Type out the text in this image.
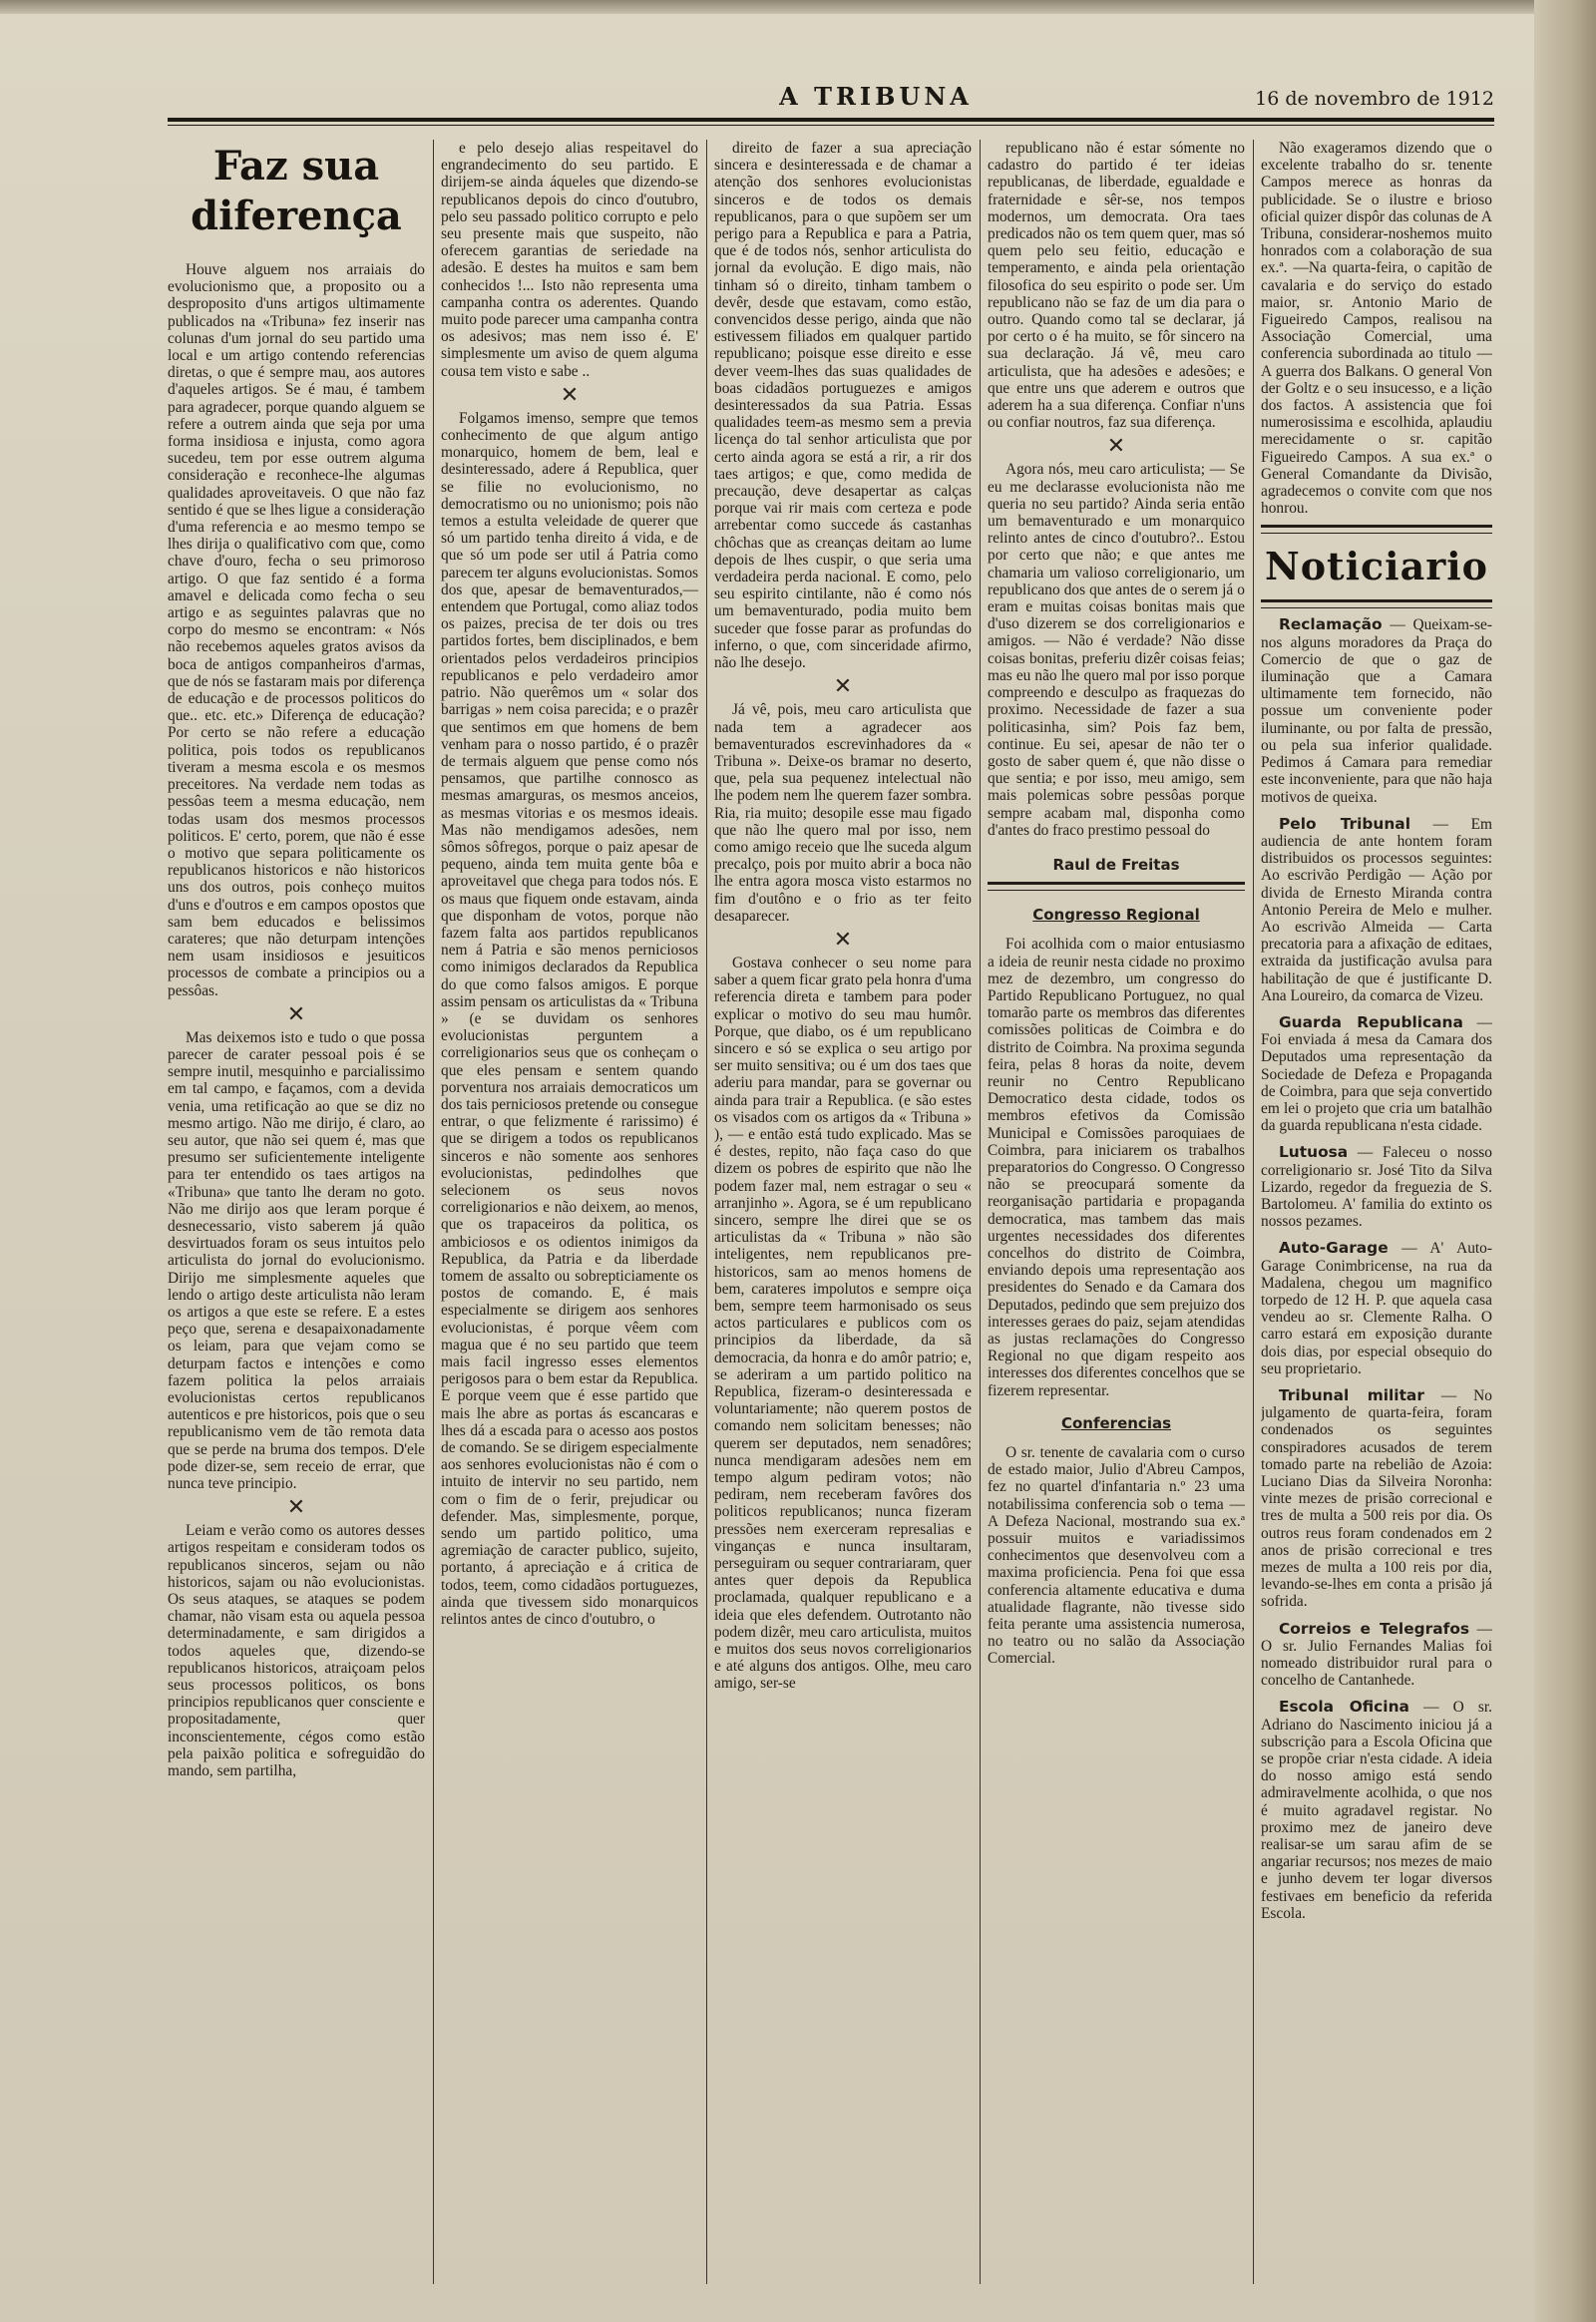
A TRIBUNA	16 de novembro de 1912
Faz sua diferença

Houve alguem nos arraiais do evolucionismo que, a proposito ou a desproposito d'uns artigos ultimamente publicados na «Tribuna» fez inserir nas colunas d'um jornal do seu partido uma local e um artigo contendo referencias diretas, o que é sempre mau, aos autores d'aqueles artigos. Se é mau, é tambem para agradecer, porque quando alguem se refere a outrem ainda que seja por uma forma insidiosa e injusta, como agora sucedeu, tem por esse outrem alguma consideração e reconhece-lhe algumas qualidades aproveitaveis. O que não faz sentido é que se lhes ligue a consideração d'uma referencia e ao mesmo tempo se lhes dirija o qualificativo com que, como chave d'ouro, fecha o seu primoroso artigo. O que faz sentido é a forma amavel e delicada como fecha o seu artigo e as seguintes palavras que no corpo do mesmo se encontram: « Nós não recebemos aqueles gratos avisos da boca de antigos companheiros d'armas, que de nós se fastaram mais por diferença de educação e de processos politicos do que.. etc. etc.» Diferença de educação? Por certo se não refere a educação politica, pois todos os republicanos tiveram a mesma escola e os mesmos preceitores. Na verdade nem todas as pessôas teem a mesma educação, nem todas usam dos mesmos processos politicos. E' certo, porem, que não é esse o motivo que separa politicamente os republicanos historicos e não historicos uns dos outros, pois conheço muitos d'uns e d'outros e em campos opostos que sam bem educados e belissimos carateres; que não deturpam intenções nem usam insidiosos e jesuiticos processos de combate a principios ou a pessôas.

✕

Mas deixemos isto e tudo o que possa parecer de carater pessoal pois é se sempre inutil, mesquinho e parcialissimo em tal campo, e façamos, com a devida venia, uma retificação ao que se diz no mesmo artigo. Não me dirijo, é claro, ao seu autor, que não sei quem é, mas que presumo ser suficientemente inteligente para ter entendido os taes artigos na «Tribuna» que tanto lhe deram no goto. Não me dirijo aos que leram porque é desnecessario, visto saberem já quão desvirtuados foram os seus intuitos pelo articulista do jornal do evolucionismo. Dirijo me simplesmente aqueles que lendo o artigo deste articulista não leram os artigos a que este se refere. E a estes peço que, serena e desapaixonadamente os leiam, para que vejam como se deturpam factos e intenções e como fazem politica la pelos arraiais evolucionistas certos republicanos autenticos e pre historicos, pois que o seu republicanismo vem de tão remota data que se perde na bruma dos tempos. D'ele pode dizer-se, sem receio de errar, que nunca teve principio.

✕

Leiam e verão como os autores desses artigos respeitam e consideram todos os republicanos sinceros, sejam ou não historicos, sajam ou não evolucionistas. Os seus ataques, se ataques se podem chamar, não visam esta ou aquela pessoa determinadamente, e sam dirigidos a todos aqueles que, dizendo-se republicanos historicos, atraiçoam pelos seus processos politicos, os bons principios republicanos quer consciente e propositadamente, quer inconscientemente, cégos como estão pela paixão politica e sofreguidão do mando, sem partilha,

e pelo desejo alias respeitavel do engrandecimento do seu partido. E dirijem-se ainda áqueles que dizendo-se republicanos depois do cinco d'outubro, pelo seu passado politico corrupto e pelo seu presente mais que suspeito, não oferecem garantias de seriedade na adesão. E destes ha muitos e sam bem conhecidos !... Isto não representa uma campanha contra os aderentes. Quando muito pode parecer uma campanha contra os adesivos; mas nem isso é. E' simplesmente um aviso de quem alguma cousa tem visto e sabe ..

✕

Folgamos imenso, sempre que temos conhecimento de que algum antigo monarquico, homem de bem, leal e desinteressado, adere á Republica, quer se filie no evolucionismo, no democratismo ou no unionismo; pois não temos a estulta veleidade de querer que só um partido tenha direito á vida, e de que só um pode ser util á Patria como parecem ter alguns evolucionistas. Somos dos que, apesar de bemaventurados,—entendem que Portugal, como aliaz todos os paizes, precisa de ter dois ou tres partidos fortes, bem disciplinados, e bem orientados pelos verdadeiros principios republicanos e pelo verdadeiro amor patrio. Não querêmos um « solar dos barrigas » nem coisa parecida; e o prazêr que sentimos em que homens de bem venham para o nosso partido, é o prazêr de termais alguem que pense como nós pensamos, que partilhe connosco as mesmas amarguras, os mesmos anceios, as mesmas vitorias e os mesmos ideais. Mas não mendigamos adesões, nem sômos sôfregos, porque o paiz apesar de pequeno, ainda tem muita gente bôa e aproveitavel que chega para todos nós. E os maus que fiquem onde estavam, ainda que disponham de votos, porque não fazem falta aos partidos republicanos nem á Patria e são menos perniciosos como inimigos declarados da Republica do que como falsos amigos. E porque assim pensam os articulistas da « Tribuna » (e se duvidam os senhores evolucionistas perguntem a correligionarios seus que os conheçam o que eles pensam e sentem quando porventura nos arraiais democraticos um dos tais perniciosos pretende ou consegue entrar, o que felizmente é rarissimo) é que se dirigem a todos os republicanos sinceros e não somente aos senhores evolucionistas, pedindolhes que selecionem os seus novos correligionarios e não deixem, ao menos, que os trapaceiros da politica, os ambiciosos e os odientos inimigos da Republica, da Patria e da liberdade tomem de assalto ou sobrepticiamente os postos de comando. E, é mais especialmente se dirigem aos senhores evolucionistas, é porque vêem com magua que é no seu partido que teem mais facil ingresso esses elementos perigosos para o bem estar da Republica. E porque veem que é esse partido que mais lhe abre as portas ás escancaras e lhes dá a escada para o acesso aos postos de comando. Se se dirigem especialmente aos senhores evolucionistas não é com o intuito de intervir no seu partido, nem com o fim de o ferir, prejudicar ou defender. Mas, simplesmente, porque, sendo um partido politico, uma agremiação de caracter publico, sujeito, portanto, á apreciação e á critica de todos, teem, como cidadãos portuguezes, ainda que tivessem sido monarquicos relintos antes de cinco d'outubro, o

direito de fazer a sua apreciação sincera e desinteressada e de chamar a atenção dos senhores evolucionistas sinceros e de todos os demais republicanos, para o que supõem ser um perigo para a Republica e para a Patria, que é de todos nós, senhor articulista do jornal da evolução. E digo mais, não tinham só o direito, tinham tambem o devêr, desde que estavam, como estão, convencidos desse perigo, ainda que não estivessem filiados em qualquer partido republicano; poisque esse direito e esse dever veem-lhes das suas qualidades de boas cidadãos portuguezes e amigos desinteressados da sua Patria. Essas qualidades teem-as mesmo sem a previa licença do tal senhor articulista que por certo ainda agora se está a rir, a rir dos taes artigos; e que, como medida de precaução, deve desapertar as calças porque vai rir mais com certeza e pode arrebentar como succede ás castanhas chôchas que as creanças deitam ao lume depois de lhes cuspir, o que seria uma verdadeira perda nacional. E como, pelo seu espirito cintilante, não é como nós um bemaventurado, podia muito bem suceder que fosse parar as profundas do inferno, o que, com sinceridade afirmo, não lhe desejo.

✕

Já vê, pois, meu caro articulista que nada tem a agradecer aos bemaventurados escrevinhadores da « Tribuna ». Deixe-os bramar no deserto, que, pela sua pequenez intelectual não lhe podem nem lhe querem fazer sombra. Ria, ria muito; desopile esse mau figado que não lhe quero mal por isso, nem como amigo receio que lhe suceda algum precalço, pois por muito abrir a boca não lhe entra agora mosca visto estarmos no fim d'outôno e o frio as ter feito desaparecer.

✕

Gostava conhecer o seu nome para saber a quem ficar grato pela honra d'uma referencia direta e tambem para poder explicar o motivo do seu mau humôr. Porque, que diabo, os é um republicano sincero e só se explica o seu artigo por ser muito sensitiva; ou é um dos taes que aderiu para mandar, para se governar ou ainda para trair a Republica. (e são estes os visados com os artigos da « Tribuna » ), — e então está tudo explicado. Mas se é destes, repito, não faça caso do que dizem os pobres de espirito que não lhe podem fazer mal, nem estragar o seu « arranjinho ». Agora, se é um republicano sincero, sempre lhe direi que se os articulistas da « Tribuna » não são inteligentes, nem republicanos pre-historicos, sam ao menos homens de bem, carateres impolutos e sempre oiça bem, sempre teem harmonisado os seus actos particulares e publicos com os principios da liberdade, da sã democracia, da honra e do amôr patrio; e, se aderiram a um partido politico na Republica, fizeram-o desinteressada e voluntariamente; não querem postos de comando nem solicitam benesses; não querem ser deputados, nem senadôres; nunca mendigaram adesões nem em tempo algum pediram votos; não pediram, nem receberam favôres dos politicos republicanos; nunca fizeram pressões nem exerceram represalias e vinganças e nunca insultaram, perseguiram ou sequer contrariaram, quer antes quer depois da Republica proclamada, qualquer republicano e a ideia que eles defendem. Outrotanto não podem dizêr, meu caro articulista, muitos e muitos dos seus novos correligionarios e até alguns dos antigos. Olhe, meu caro amigo, ser-se

republicano não é estar sómente no cadastro do partido é ter ideias republicanas, de liberdade, egualdade e fraternidade e sêr-se, nos tempos modernos, um democrata. Ora taes predicados não os tem quem quer, mas só quem pelo seu feitio, educação e temperamento, e ainda pela orientação filosofica do seu espirito o pode ser. Um republicano não se faz de um dia para o outro. Quando como tal se declarar, já por certo o é ha muito, se fôr sincero na sua declaração. Já vê, meu caro articulista, que ha adesões e adesões; e que entre uns que aderem e outros que aderem ha a sua diferença. Confiar n'uns ou confiar noutros, faz sua diferença.

✕

Agora nós, meu caro articulista; — Se eu me declarasse evolucionista não me queria no seu partido? Ainda seria então um bemaventurado e um monarquico relinto antes de cinco d'outubro?.. Estou por certo que não; e que antes me chamaria um valioso correligionario, um republicano dos que antes de o serem já o eram e muitas coisas bonitas mais que d'uso dizerem se dos correligionarios e amigos. — Não é verdade? Não disse coisas bonitas, preferiu dizêr coisas feias; mas eu não lhe quero mal por isso porque compreendo e desculpo as fraquezas do proximo. Necessidade de fazer a sua politicasinha, sim? Pois faz bem, continue. Eu sei, apesar de não ter o gosto de saber quem é, que não disse o que sentia; e por isso, meu amigo, sem mais polemicas sobre pessôas porque sempre acabam mal, disponha como d'antes do fraco prestimo pessoal do

Raul de Freitas
Congresso Regional

Foi acolhida com o maior entusiasmo a ideia de reunir nesta cidade no proximo mez de dezembro, um congresso do Partido Republicano Portuguez, no qual tomarão parte os membros das diferentes comissões politicas de Coimbra e do distrito de Coimbra. Na proxima segunda feira, pelas 8 horas da noite, devem reunir no Centro Republicano Democratico desta cidade, todos os membros efetivos da Comissão Municipal e Comissões paroquiaes de Coimbra, para iniciarem os trabalhos preparatorios do Congresso. O Congresso não se preocupará somente da reorganisação partidaria e propaganda democratica, mas tambem das mais urgentes necessidades dos diferentes concelhos do distrito de Coimbra, enviando depois uma representação aos presidentes do Senado e da Camara dos Deputados, pedindo que sem prejuizo dos interesses geraes do paiz, sejam atendidas as justas reclamações do Congresso Regional no que digam respeito aos interesses dos diferentes concelhos que se fizerem representar.

Conferencias

O sr. tenente de cavalaria com o curso de estado maior, Julio d'Abreu Campos, fez no quartel d'infantaria n.º 23 uma notabilissima conferencia sob o tema — A Defeza Nacional, mostrando sua ex.ª possuir muitos e variadissimos conhecimentos que desenvolveu com a maxima proficiencia. Pena foi que essa conferencia altamente educativa e duma atualidade flagrante, não tivesse sido feita perante uma assistencia numerosa, no teatro ou no salão da Associação Comercial.

Não exageramos dizendo que o excelente trabalho do sr. tenente Campos merece as honras da publicidade. Se o ilustre e brioso oficial quizer dispôr das colunas de A Tribuna, considerar-noshemos muito honrados com a colaboração de sua ex.ª. —Na quarta-feira, o capitão de cavalaria e do serviço do estado maior, sr. Antonio Mario de Figueiredo Campos, realisou na Associação Comercial, uma conferencia subordinada ao titulo — A guerra dos Balkans. O general Von der Goltz e o seu insucesso, e a lição dos factos. A assistencia que foi numerosissima e escolhida, aplaudiu merecidamente o sr. capitão Figueiredo Campos. A sua ex.ª o General Comandante da Divisão, agradecemos o convite com que nos honrou.

Noticiario

Reclamação — Queixam-se-nos alguns moradores da Praça do Comercio de que o gaz de iluminação que a Camara ultimamente tem fornecido, não possue um conveniente poder iluminante, ou por falta de pressão, ou pela sua inferior qualidade. Pedimos á Camara para remediar este inconveniente, para que não haja motivos de queixa.

Pelo Tribunal — Em audiencia de ante hontem foram distribuidos os processos seguintes: Ao escrivão Perdigão — Ação por divida de Ernesto Miranda contra Antonio Pereira de Melo e mulher. Ao escrivão Almeida — Carta precatoria para a afixação de editaes, extraida da justificação avulsa para habilitação de que é justificante D. Ana Loureiro, da comarca de Vizeu.

Guarda Republicana — Foi enviada á mesa da Camara dos Deputados uma representação da Sociedade de Defeza e Propaganda de Coimbra, para que seja convertido em lei o projeto que cria um batalhão da guarda republicana n'esta cidade.

Lutuosa — Faleceu o nosso correligionario sr. José Tito da Silva Lizardo, regedor da freguezia de S. Bartolomeu. A' familia do extinto os nossos pezames.

Auto-Garage — A' Auto-Garage Conimbricense, na rua da Madalena, chegou um magnifico torpedo de 12 H. P. que aquela casa vendeu ao sr. Clemente Ralha. O carro estará em exposição durante dois dias, por especial obsequio do seu proprietario.

Tribunal militar — No julgamento de quarta-feira, foram condenados os seguintes conspiradores acusados de terem tomado parte na rebelião de Azoia: Luciano Dias da Silveira Noronha: vinte mezes de prisão correcional e tres de multa a 500 reis por dia. Os outros reus foram condenados em 2 anos de prisão correcional e tres mezes de multa a 100 reis por dia, levando-se-lhes em conta a prisão já sofrida.

Correios e Telegrafos — O sr. Julio Fernandes Malias foi nomeado distribuidor rural para o concelho de Cantanhede.

Escola Oficina — O sr. Adriano do Nascimento iniciou já a subscrição para a Escola Oficina que se propõe criar n'esta cidade. A ideia do nosso amigo está sendo admiravelmente acolhida, o que nos é muito agradavel registar. No proximo mez de janeiro deve realisar-se um sarau afim de se angariar recursos; nos mezes de maio e junho devem ter logar diversos festivaes em beneficio da referida Escola.
